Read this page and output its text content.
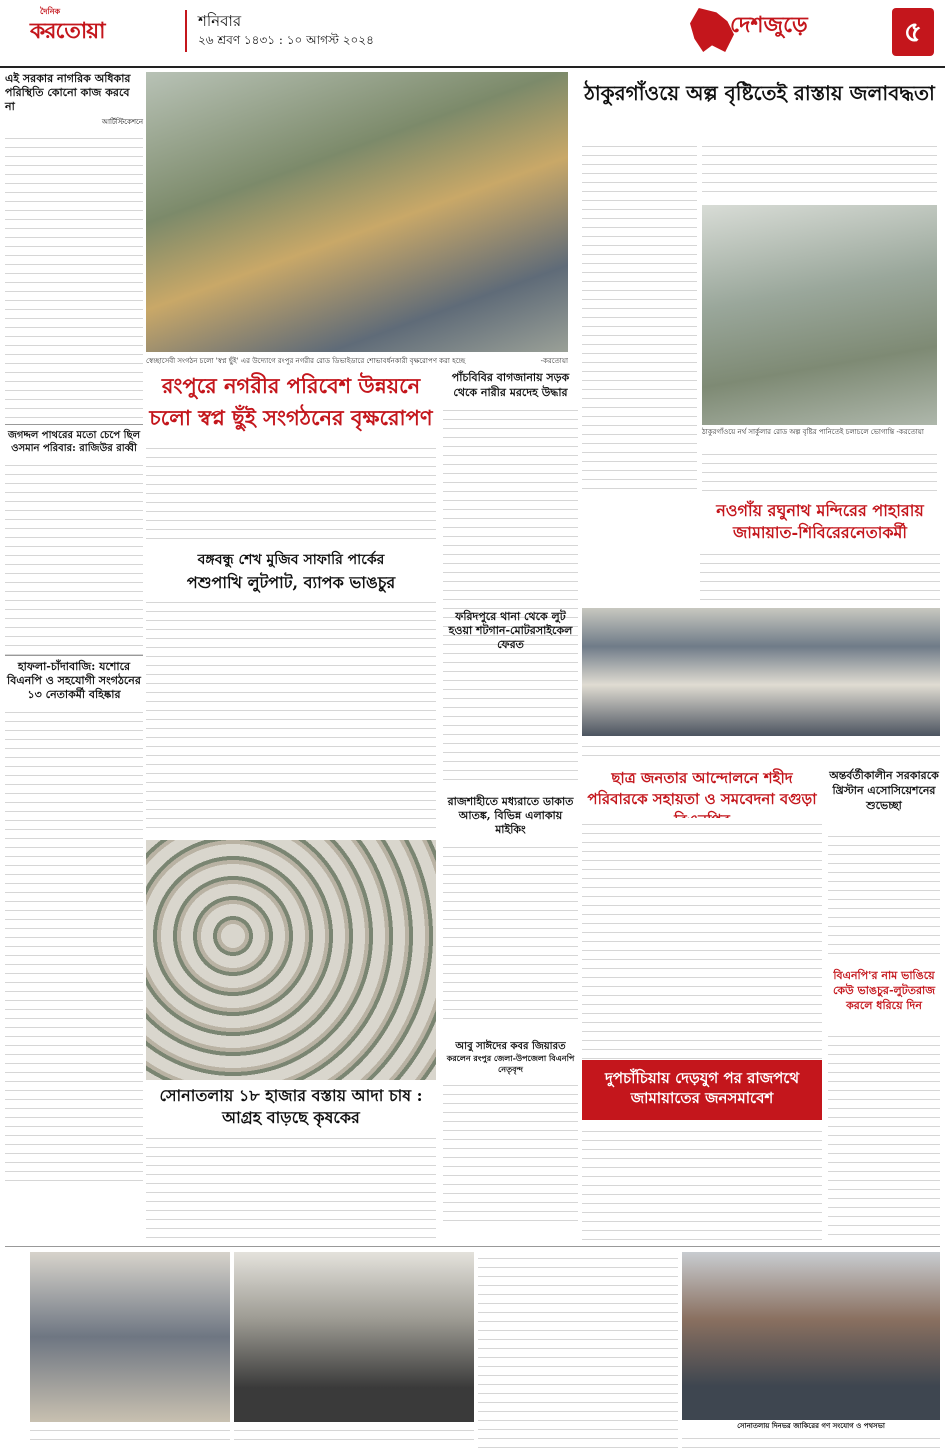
দৈনিক
করতোয়া	শনিবার
২৬ শ্রবণ ১৪৩১ : ১০ আগস্ট ২০২৪
দেশজুড়ে	৫
এই সরকার নাগরিক অধিকার পরিস্থিতি কোনো কাজ করবে না
আর্টিস্টিকেশনে
জগদ্দল পাথরের মতো চেপে ছিল ওসমান পরিবার: রাজিউর রাব্বী
হাফলা-চাঁদাবাজি: যশোরে বিএনপি ও সহযোগী সংগঠনের ১৩ নেতাকর্মী বহিষ্কার
স্বেচ্ছাসেবী সংগঠন চলো 'স্বপ্ন ছুঁই' এর উদ্যোগে রংপুর নগরীর রোড ডিভাইডারে শোভাবর্ধনকারী বৃক্ষরোপণ করা হচ্ছে	-করতোয়া
রংপুরে নগরীর পরিবেশ উন্নয়নে চলো স্বপ্ন ছুঁই সংগঠনের বৃক্ষরোপণ
পাঁচবিবির বাগজানায় সড়ক থেকে নারীর মরদেহ উদ্ধার
ঠাকুরগাঁওয়ে অল্প বৃষ্টিতেই রাস্তায় জলাবদ্ধতা
ঠাকুরগাঁওয়ে নর্থ সার্কুলার রোড অল্প বৃষ্টির পানিতেই চলাচলে ভোগান্তি -করতোয়া
নওগাঁয় রঘুনাথ মন্দিরের পাহারায় জামায়াত-শিবিরেরনেতাকর্মী
বঙ্গবন্ধু শেখ মুজিব সাফারি পার্কের
পশুপাখি লুটপাট, ব্যাপক ভাঙচুর
ফরিদপুরে থানা থেকে লুট হওয়া শটগান-মোটরসাইকেল ফেরত
রাজশাহীতে মধ্যরাতে ডাকাত আতঙ্ক, বিভিন্ন এলাকায় মাইকিং
ছাত্র জনতার আন্দোলনে শহীদ পরিবারকে সহায়তা ও সমবেদনা বগুড়া
অন্তর্বর্তীকালীন সরকারকে খ্রিস্টান এসোসিয়েশনের শুভেচ্ছা
বিএনপি'র নাম ভাঙিয়ে কেউ ভাঙচুর-লুটতরাজ করলে ধরিয়ে দিন
সোনাতলায় ১৮ হাজার বস্তায় আদা চাষ : আগ্রহ বাড়ছে কৃষকের
আবু সাঈদের কবর জিয়ারত
করলেন রংপুর জেলা-উপজেলা বিএনপি নেতৃবৃন্দ	দুপচাঁচিয়ায় দেড়যুগ পর রাজপথে জামায়াতের জনসমাবেশ
সোনাতলায় দিনভর জাকিরের গণ সংযোগ ও পথসভা
